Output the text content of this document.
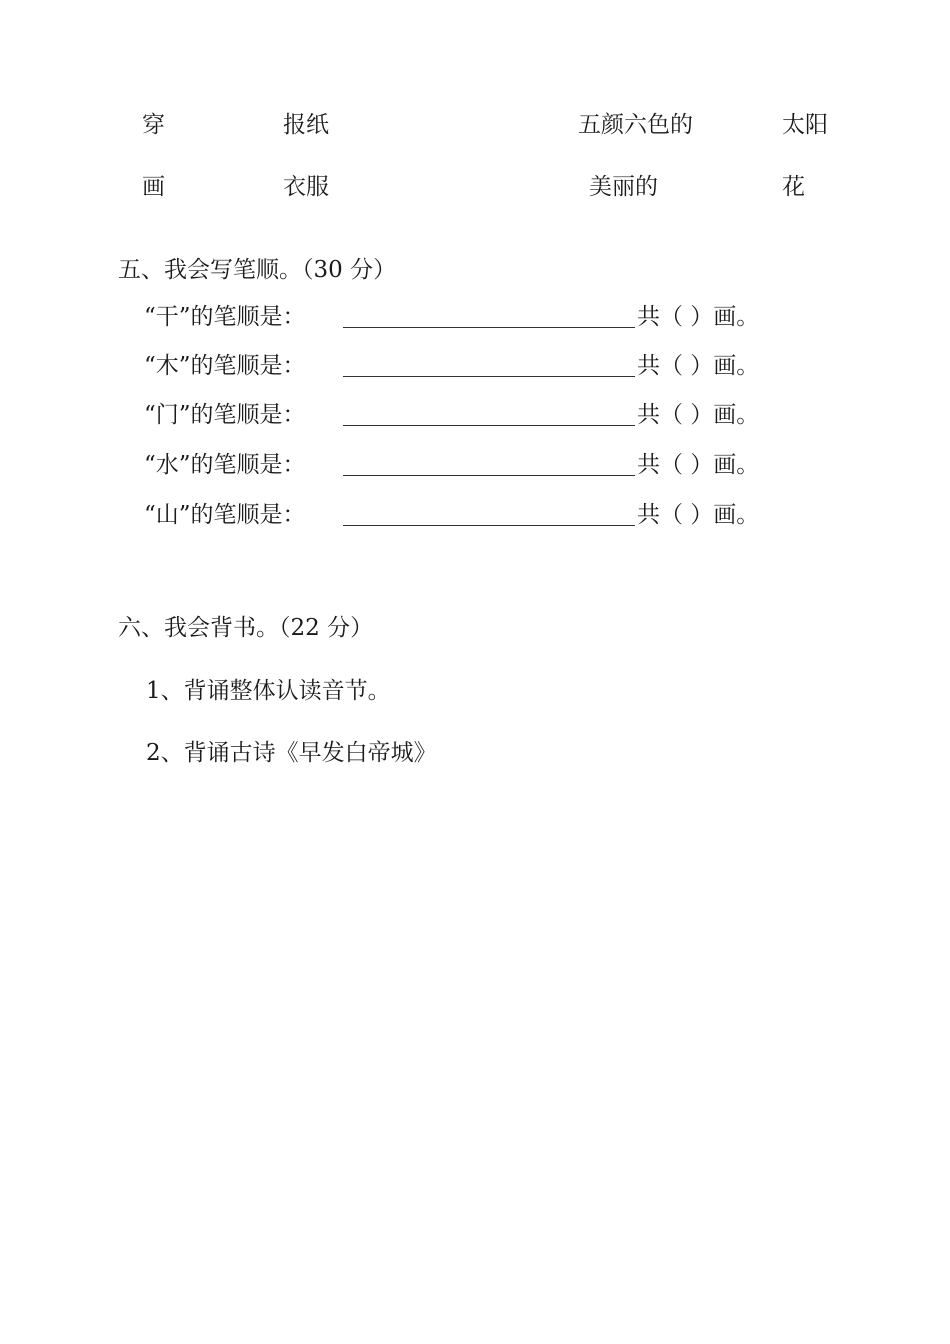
穿	报纸	五颜六色的	太阳
画	衣服	美丽的	花
五、我会写笔顺。（30 分）
“干”的笔顺是：	共（ ）画。
“木”的笔顺是：	共（ ）画。
“门”的笔顺是：	共（ ）画。
“水”的笔顺是：	共（ ）画。
“山”的笔顺是：	共（ ）画。
六、我会背书。（22 分）
1、背诵整体认读音节。
2、背诵古诗《早发白帝城》
